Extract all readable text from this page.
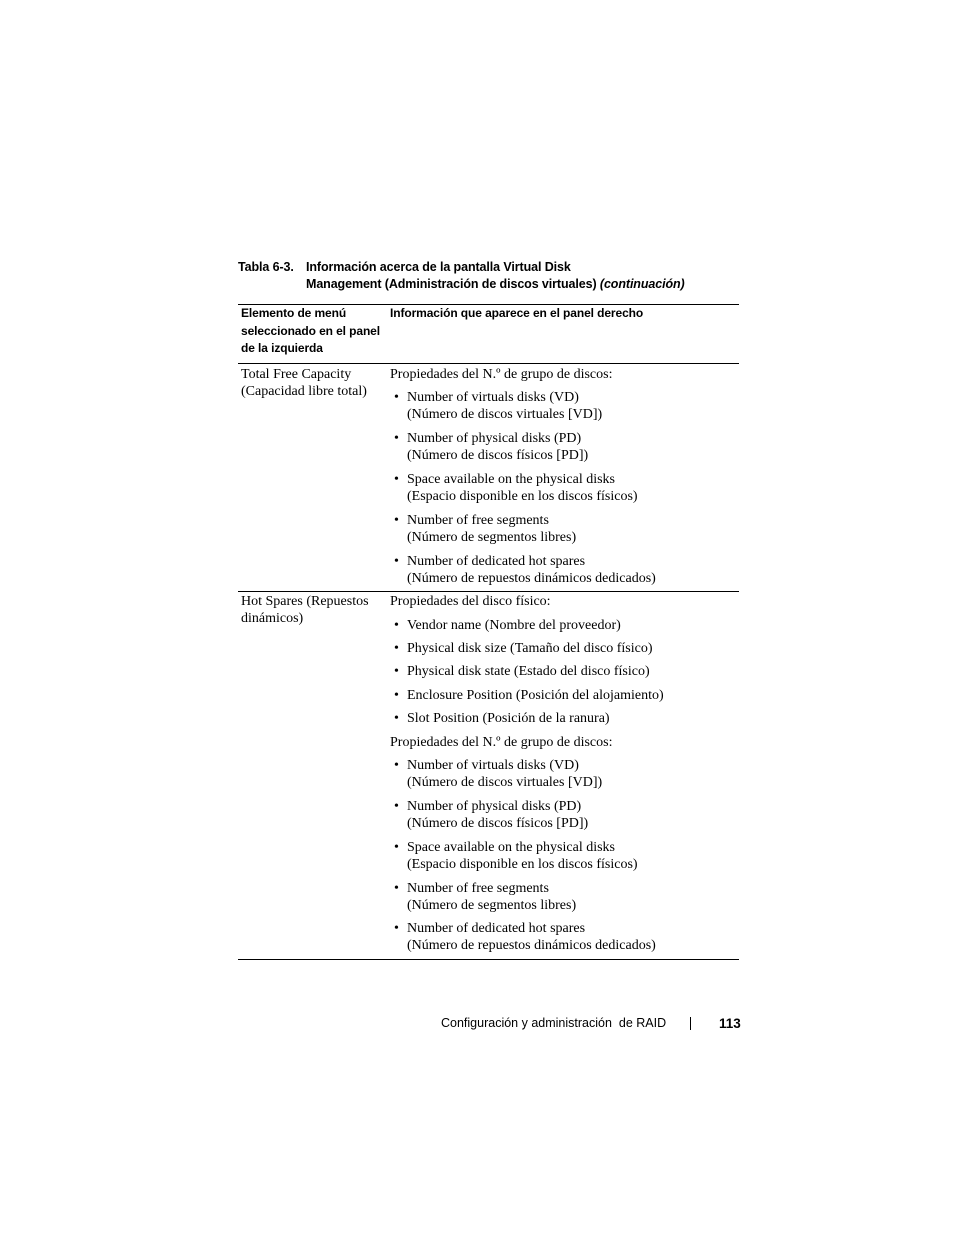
Tabla 6-3. Información acerca de la pantalla Virtual Disk
Management (Administración de discos virtuales) (continuación)
Elemento de menú seleccionado en el panel de la izquierda
Información que aparece en el panel derecho
Total Free Capacity (Capacidad libre total)

Propiedades del N.º de grupo de discos:

• Number of virtuals disks (VD)
(Número de discos virtuales [VD])
• Number of physical disks (PD)
(Número de discos físicos [PD])
• Space available on the physical disks
(Espacio disponible en los discos físicos)
• Number of free segments
(Número de segmentos libres)
• Number of dedicated hot spares
(Número de repuestos dinámicos dedicados)
Hot Spares (Repuestos dinámicos)

Propiedades del disco físico:

• Vendor name (Nombre del proveedor)
• Physical disk size (Tamaño del disco físico)
• Physical disk state (Estado del disco físico)
• Enclosure Position (Posición del alojamiento)
• Slot Position (Posición de la ranura)

Propiedades del N.º de grupo de discos:

• Number of virtuals disks (VD)
(Número de discos virtuales [VD])
• Number of physical disks (PD)
(Número de discos físicos [PD])
• Space available on the physical disks
(Espacio disponible en los discos físicos)
• Number of free segments
(Número de segmentos libres)
• Number of dedicated hot spares
(Número de repuestos dinámicos dedicados)
Configuración y administración  de RAID	113
